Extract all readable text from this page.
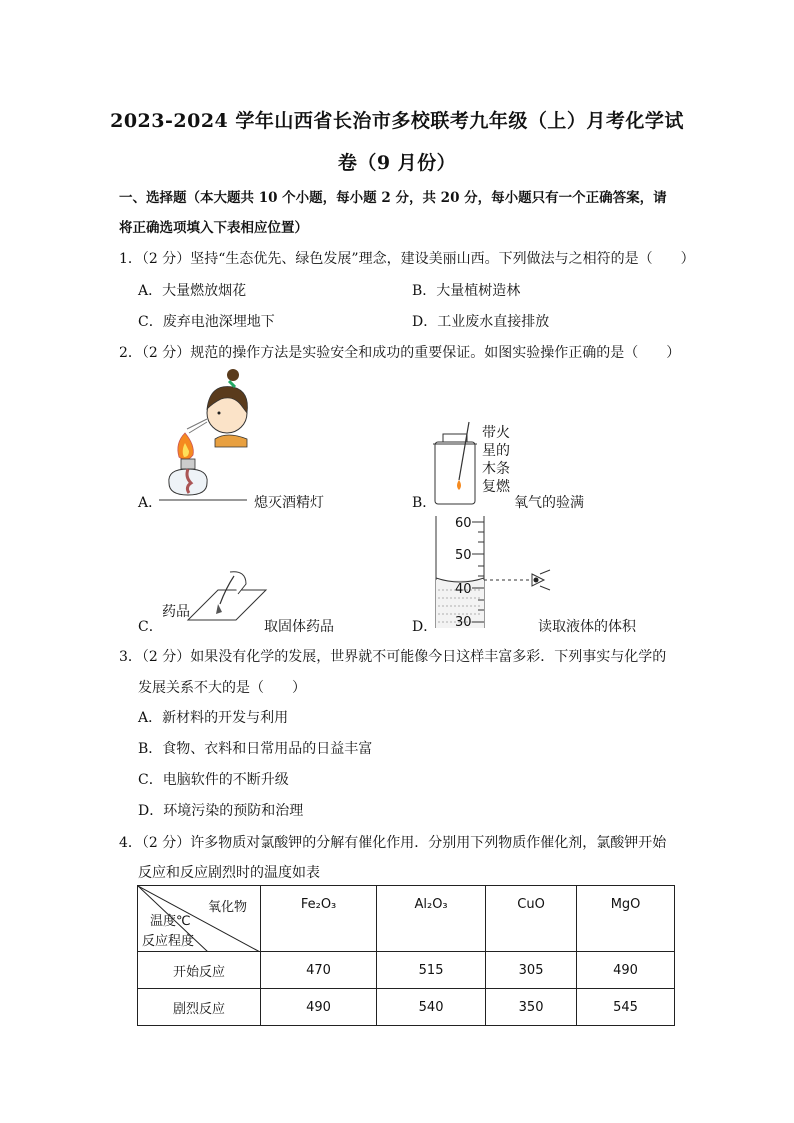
2023-2024 学年山西省长治市多校联考九年级（上）月考化学试
卷（9 月份）
一、选择题（本大题共 10 个小题，每小题 2 分，共 20 分，每小题只有一个正确答案，请
将正确选项填入下表相应位置）
1．（2 分）坚持“生态优先、绿色发展”理念，建设美丽山西。下列做法与之相符的是（　　）
A．大量燃放烟花	B．大量植树造林
C．废弃电池深埋地下	D．工业废水直接排放
2．（2 分）规范的操作方法是实验安全和成功的重要保证。如图实验操作正确的是（　　）
A．	熄灭酒精灯
带火
星的
木条
复燃
B．	氧气的验满
药品
C．	取固体药品
60
50
40
30
D．	读取液体的体积
3．（2 分）如果没有化学的发展，世界就不可能像今日这样丰富多彩．下列事实与化学的
发展关系不大的是（　　）
A．新材料的开发与利用
B．食物、衣料和日常用品的日益丰富
C．电脑软件的不断升级
D．环境污染的预防和治理
4．（2 分）许多物质对氯酸钾的分解有催化作用．分别用下列物质作催化剂，氯酸钾开始
反应和反应剧烈时的温度如表
氧化物
温度℃
反应程度	Fe₂O₃	Al₂O₃	CuO	MgO
开始反应	470	515	305	490
剧烈反应	490	540	350	545
